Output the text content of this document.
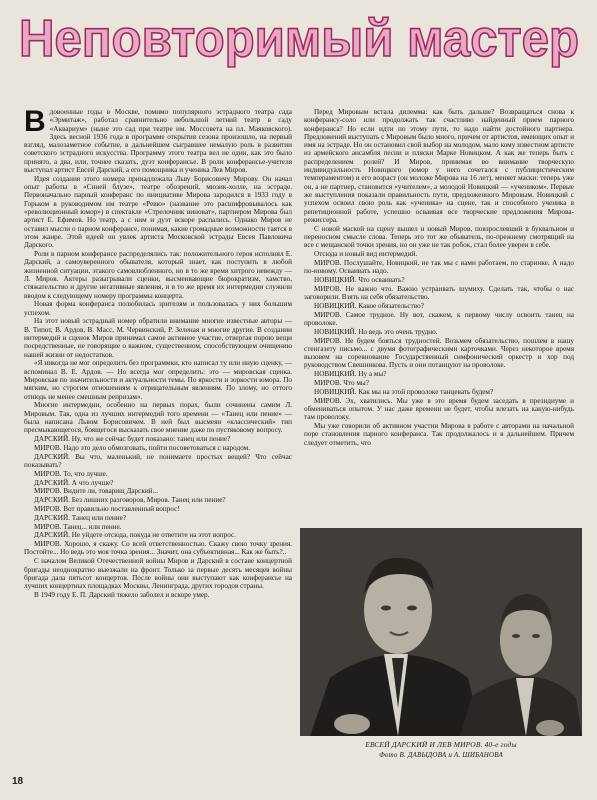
Неповторимый мастер

Вдовоенные годы в Москве, помимо популярного эстрадного театра сада «Эрмитаж», работал сравнительно небольшой летний театр в саду «Аквариум» (ныне это сад при театре им. Моссовета на пл. Маяковского). Здесь весной 1936 года в программе открытия сезона произошло, на первый взгляд, малозаметное событие, в дальнейшем сыгравшее немалую роль в развитии советского эстрадного искусства. Программу этого театра вел не один, как это было принято, а два, или, точнее сказать, дуэт конферансье. В роли конферансье-учителя выступал артист Евсей Дарский, а его помощника и ученика Лев Миров.

Идея создания этого номера принадлежала Льву Борисовичу Мирову. Он начал опыт работы в «Синей блузе», театре обозрений, мюзик-холле, на эстраде. Первоначально парный конферанс по инициативе Мирова зародился в 1933 году в Горьком в руководимом им театре «Ревю» (название это расшифровывалось как «революционный юмор») в спектакле «Стрелочник виноват», партнером Мирова был артист Е. Ефимов. Но театр, а с ним и дуэт вскоре распались. Однако Миров не оставил мысли о парном конферансе, понимая, какие громадные возможности таятся в этом жанре. Этой идеей он увлек артиста Московской эстрады Евсея Павловича Дарского.

Роли в парном конферансе распределялись так: положительного героя исполнял Е. Дарский, а самоуверенного обывателя, который знает, как поступить в любой жизненной ситуации, этакого самовлюбленного, но в то же время хитрого невежду — Л. Миров. Актеры разыгрывали сценки, высмеивающие бюрократизм, хамство, стяжательство и другие негативные явления, и в то же время их интермедии служили вводом к следующему номеру программы концерта.

Новая форма конферанса полюбилась зрителям и пользовалась у них большим успехом.

На этот новый эстрадный номер обратили внимание многие известные авторы — В. Типот, В. Ардов, В. Масс, М. Червинский, Р. Зеленая и многие другие. В создании интермедий и сценок Миров принимал самое активное участие, отвергая порою вещи посредственные, не говорящие о важном, существенном, способствующем очищению нашей жизни от недостатков.

«Я никогда не мог определить без программки, кто написал ту или иную сценку, — вспоминал В. Е. Ардов. — Но всегда мог определить: это — мировская сценка. Мировская по значительности и актуальности темы. По яркости и зоркости юмора. По мягким, но строгим отношениям к отрицательным явлениям. По злому, но оттого отнюдь не менее смешным репризам».

Многие интермедии, особенно на первых порах, были сочинены самим Л. Мировым. Так, одна из лучших интермедий того времени — «Танец или пение» — была написана Львом Борисовичем. В ней был высмеян «классический» тип пресмыкающегося, боящегося высказать свое мнение даже по пустяковому вопросу.

ДАРСКИЙ. Ну, что же сейчас будет показано: танец или пение?

МИРОВ. Надо это дело обмозговать, пойти посоветоваться с народом.

ДАРСКИЙ. Вы что, маленький, не понимаете простых вещей? Что сейчас показывать?

МИРОВ. То, что лучше.

ДАРСКИЙ. А что лучше?

МИРОВ. Видите ли, товарищ Дарский...

ДАРСКИЙ. Без лишних разговоров, Миров. Танец или пение?

МИРОВ. Вот правильно поставленный вопрос!

ДАРСКИЙ. Танец или пение?

МИРОВ. Танец... или пение.

ДАРСКИЙ. Не уйдете отсюда, покуда не ответите на этот вопрос.

МИРОВ. Хорошо, я скажу. Со всей ответственностью. Скажу свою точку зрения. Постойте... Но ведь это моя точка зрения... Значит, она субъективная... Как же быть?..

С началом Великой Отечественной войны Миров и Дарский в составе концертной бригады неоднократно выезжали на фронт. Только за первые десять месяцев войны бригада дала пятьсот концертов. После войны они выступают как конферансье на лучших концертных площадках Москвы, Ленинграда, других городов страны.

В 1949 году Е. П. Дарский тяжело заболел и вскоре умер.

Перед Мировым встала дилемма: как быть дальше? Возвращаться снова к конферансу-соло или продолжать так счастливо найденный прием парного конферанса? Но если идти по этому пути, то надо найти достойного партнера. Предложений выступать с Мировым было много, причем от артистов, имеющих опыт и имя на эстраде. Но он остановил свой выбор на молодом, мало кому известном артисте из армейского ансамбля песни и пляски Марке Новицком. А как же теперь быть с распределением ролей? И Миров, принимая во внимание творческую индивидуальность Новицкого (юмор у него сочетался с публицистическим темпераментом) и его возраст (он моложе Мирова на 16 лет), меняет маски: теперь уже он, а не партнер, становится «учителем», а молодой Новицкий — «учеником». Первые же выступления показали правильность пути, предложенного Мировым. Новицкий с успехом освоил свою роль как «ученика» на сцене, так и способного ученика в репетиционной работе, успешно осваивая все творческие предложения Мирова-режиссера.

С новой маской на сцену вышел и новый Миров, повзрослевший в буквальном и переносном смысле слова. Теперь это тот же обыватель, по-прежнему смотрящий на все с мещанской точки зрения, но он уже не так робок, стал более уверен в себе.

Отсюда и новый вид интермедий.

МИРОВ. Послушайте, Новицкий, не так мы с вами работаем, по старинке. А надо по-новому. Осваивать надо.

НОВИЦКИЙ. Что осваивать?

МИРОВ. Не важно что. Важно устраивать шумиху. Сделать так, чтобы о нас заговорили. Взять на себя обязательство.

НОВИЦКИЙ. Какое обязательство?

МИРОВ. Самое трудное. Ну вот, скажем, к первому числу освоить танец на проволоке.

НОВИЦКИЙ. Но ведь это очень трудно.

МИРОВ. Не будем бояться трудностей. Возьмем обязательство, пошлем в нашу стенгазету письмо... с двумя фотографическими карточками. Через некоторое время вызовем на соревнование Государственный симфонический оркестр и хор под руководством Свешникова. Пусть и они потанцуют на проволоке.

НОВИЦКИЙ. Ну а мы?

МИРОВ. Что мы?

НОВИЦКИЙ. Как мы на этой проволоке танцевать будем?

МИРОВ. Эх, хватились. Мы уже в это время будем заседать в президиуме и обмениваться опытом. У нас даже времени не будет, чтобы влезать на какую-нибудь там проволоку.

Мы уже говорили об активном участии Мирова в работе с авторами на начальной поре становления парного конферанса. Так продолжалось и в дальнейшем. Причем следует отметить, что

ЕВСЕЙ ДАРСКИЙ И ЛЕВ МИРОВ. 40-е годы
Фото В. ДАВЫДОВА и А. ШИБАНОВА
18
